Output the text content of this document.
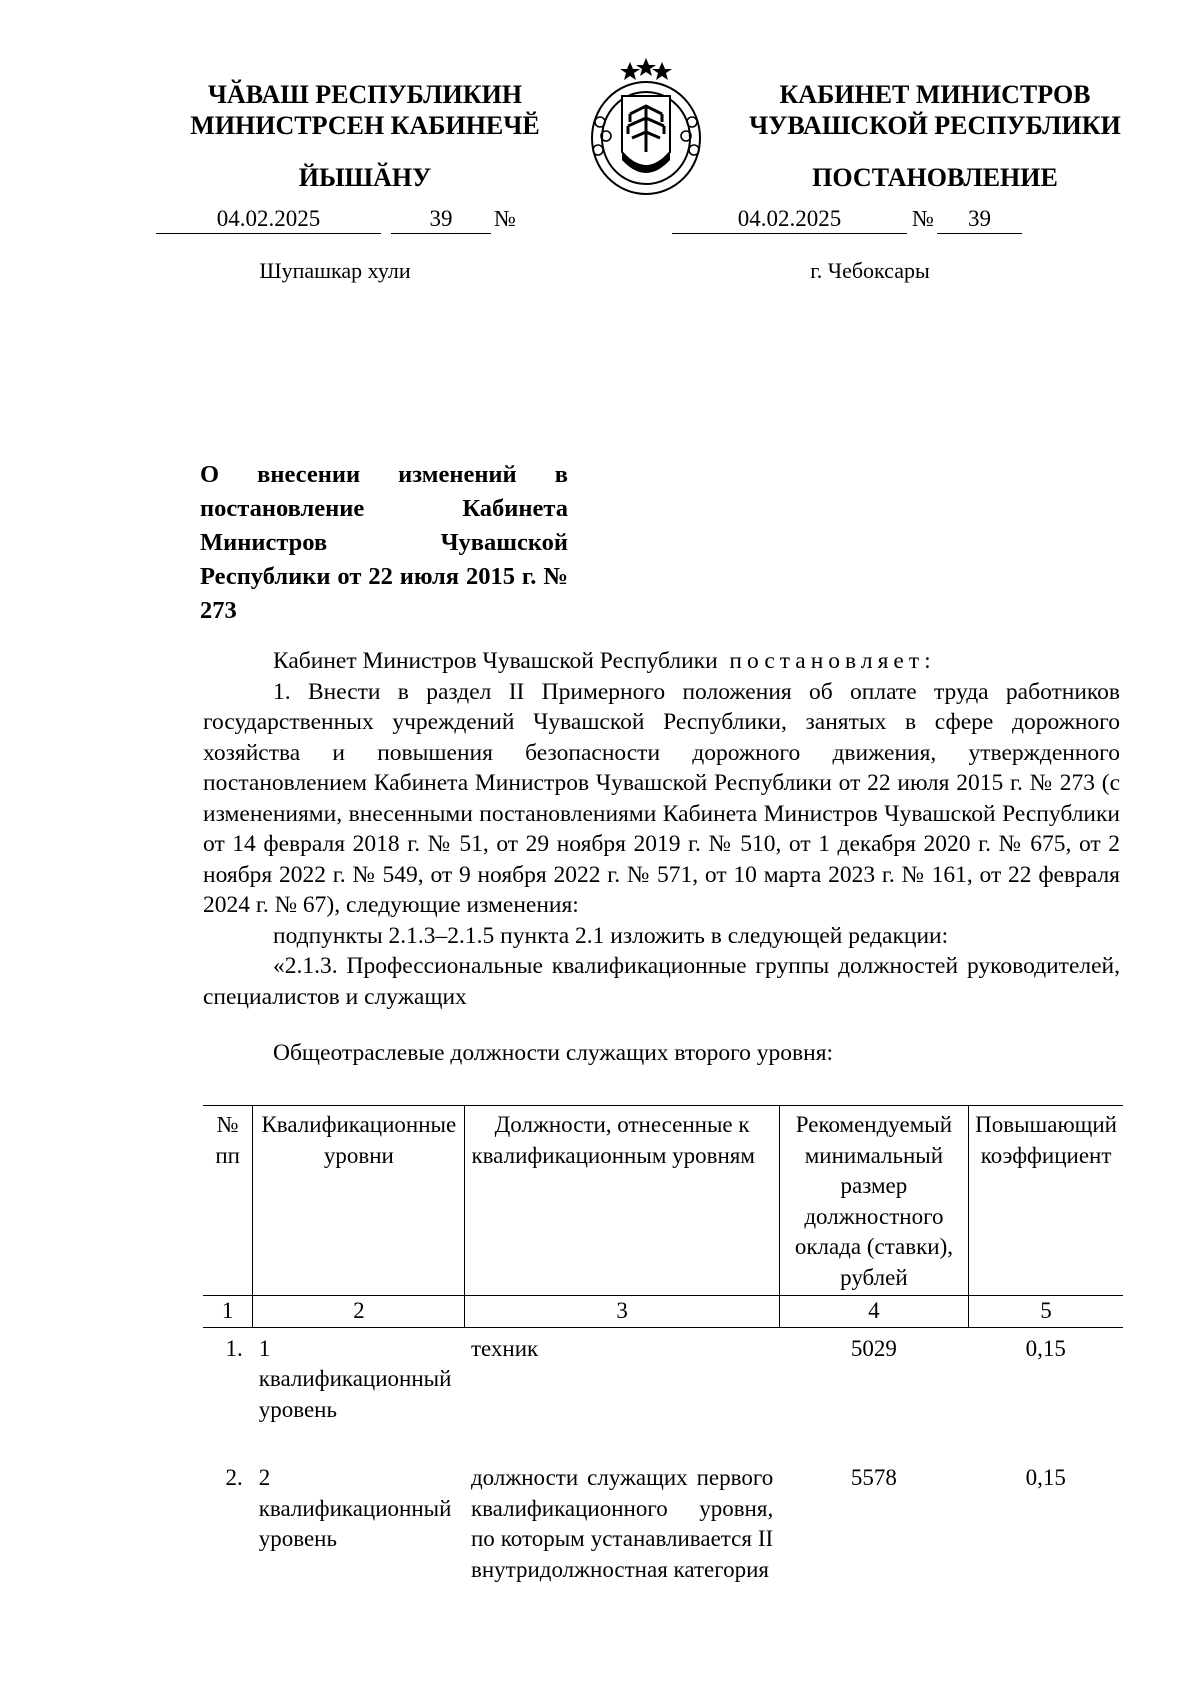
ЧӐВАШ РЕСПУБЛИКИН
МИНИСТРСЕН КАБИНЕЧӖ
ЙЫШӐНУ
КАБИНЕТ МИНИСТРОВ
ЧУВАШСКОЙ РЕСПУБЛИКИ
ПОСТАНОВЛЕНИЕ
04.02.2025	39	№	04.02.2025	№	39
Шупашкар хули	г. Чебоксары
О внесении изменений в постановление Кабинета Министров Чувашской Республики от 22 июля 2015 г. № 273

Кабинет Министров Чувашской Республики постановляет:

1. Внести в раздел II Примерного положения об оплате труда работников государственных учреждений Чувашской Республики, занятых в сфере дорожного хозяйства и повышения безопасности дорожного движения, утвержденного постановлением Кабинета Министров Чувашской Республики от 22 июля 2015 г. № 273 (с изменениями, внесенными постановлениями Кабинета Министров Чувашской Республики от 14 февраля 2018 г. № 51, от 29 ноября 2019 г. № 510, от 1 декабря 2020 г. № 675, от 2 ноября 2022 г. № 549, от 9 ноября 2022 г. № 571, от 10 марта 2023 г. № 161, от 22 февраля 2024 г. № 67), следующие изменения:

подпункты 2.1.3–2.1.5 пункта 2.1 изложить в следующей редакции:

«2.1.3. Профессиональные квалификационные группы должностей руководителей, специалистов и служащих

Общеотраслевые должности служащих второго уровня:
№ пп	Квалификационные уровни	Должности, отнесенные к квалификационным уровням	Рекомендуемый минимальный размер должностного оклада (ставки), рублей	Повышающий коэффициент
1	2	3	4	5
1.	1 квалификационный уровень	техник	5029	0,15

2.	2 квалификационный уровень	должности служащих первого квалификационного уровня, по которым устанавливается II внутридолжностная категория	5578	0,15
